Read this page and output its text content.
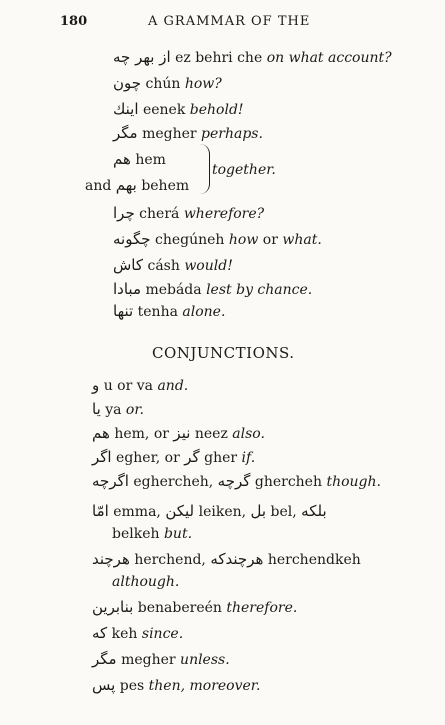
180	A GRAMMAR OF THE
از بهر چه ez behri che on what account?
چون chún how?
اينك eenek behold!
مگر megher perhaps.
هم hem
and بهم behem
together.
چرا cherá wherefore?
چگونه chegúneh how or what.
كاش cásh would!
مبادا mebáda lest by chance.
تنها tenha alone.
CONJUNCTIONS.
و u or va and.
يا ya or.
هم hem, or نيز neez also.
اگر egher, or گر gher if.
اگرچه eghercheh, گرچه ghercheh though.
امّا emma, ليكن leiken, بل bel, بلكه
belkeh but.
هرچند herchend, هرچندكه herchendkeh
although.
بنابرين benabereén therefore.
كه keh since.
مگر megher unless.
پس pes then, moreover.
